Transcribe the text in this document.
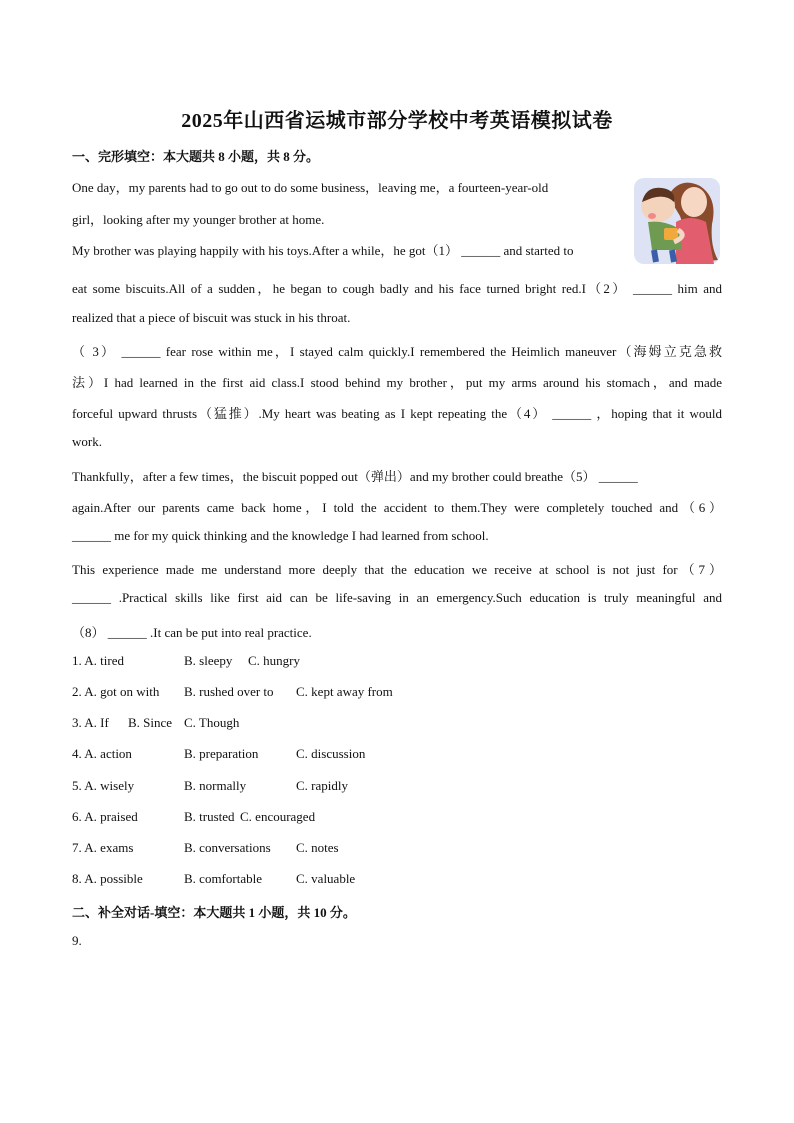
2025年山西省运城市部分学校中考英语模拟试卷
一、完形填空：本大题共 8 小题，共 8 分。
One day，my parents had to go out to do some business，leaving me，a fourteen-year-old
girl，looking after my younger brother at home.
My brother was playing happily with his toys.After a while，he got（1） ______ and started to
eat some biscuits.All of a sudden，he began to cough badly and his face turned bright red.I（2） ______ him and
realized that a piece of biscuit was stuck in his throat.
（ 3） ______ fear rose within me，I stayed calm quickly.I remembered the Heimlich maneuver（海姆立克急救
法）I had learned in the first aid class.I stood behind my brother，put my arms around his stomach，and made
forceful upward thrusts（猛推）.My heart was beating as I kept repeating the（4） ______ ，hoping that it would
work.
Thankfully，after a few times，the biscuit popped out（弹出）and my brother could breathe（5） ______
again.After our parents came back home，I told the accident to them.They were completely touched and（6）
______ me for my quick thinking and the knowledge I had learned from school.
This experience made me understand more deeply that the education we receive at school is not just for（7）
______ .Practical skills like first aid can be life-saving in an emergency.Such education is truly meaningful and
（8） ______ .It can be put into real practice.
1. A. tired	B. sleepy C. hungry
2. A. got on with B. rushed over to C. kept away from
3. A. If B. Since C. Though
4. A. action	B. preparation	C. discussion
5. A. wisely	B. normally	C. rapidly
6. A. praised	B. trusted C. encouraged
7. A. exams	B. conversations C. notes
8. A. possible	B. comfortable	C. valuable
二、补全对话-填空：本大题共 1 小题，共 10 分。
9.
